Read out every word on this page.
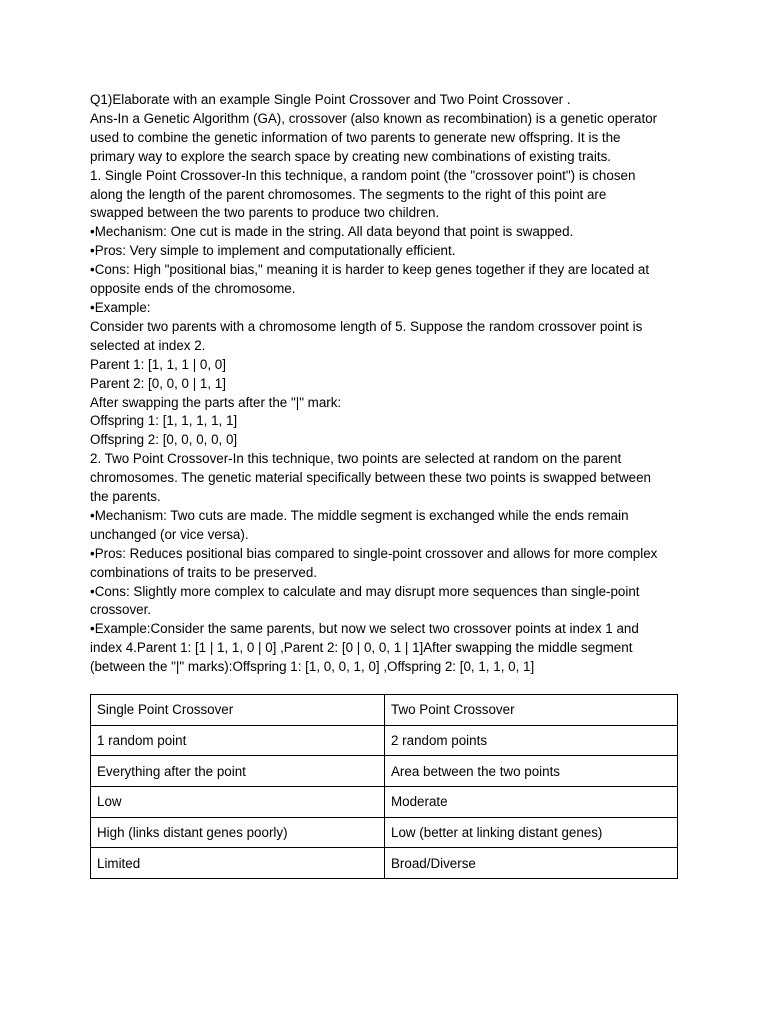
Q1)Elaborate with an example Single Point Crossover and Two Point Crossover .

Ans-In a Genetic Algorithm (GA), crossover (also known as recombination) is a genetic operator

used to combine the genetic information of two parents to generate new offspring. It is the

primary way to explore the search space by creating new combinations of existing traits.

1. Single Point Crossover-In this technique, a random point (the "crossover point") is chosen

along the length of the parent chromosomes. The segments to the right of this point are

swapped between the two parents to produce two children.

•Mechanism: One cut is made in the string. All data beyond that point is swapped.

•Pros: Very simple to implement and computationally efficient.

•Cons: High "positional bias," meaning it is harder to keep genes together if they are located at

opposite ends of the chromosome.

•Example:

Consider two parents with a chromosome length of 5. Suppose the random crossover point is

selected at index 2.

Parent 1: [1, 1, 1 | 0, 0]

Parent 2: [0, 0, 0 | 1, 1]

After swapping the parts after the "|" mark:

Offspring 1: [1, 1, 1, 1, 1]

Offspring 2: [0, 0, 0, 0, 0]

2. Two Point Crossover-In this technique, two points are selected at random on the parent

chromosomes. The genetic material specifically between these two points is swapped between

the parents.

•Mechanism: Two cuts are made. The middle segment is exchanged while the ends remain

unchanged (or vice versa).

•Pros: Reduces positional bias compared to single-point crossover and allows for more complex

combinations of traits to be preserved.

•Cons: Slightly more complex to calculate and may disrupt more sequences than single-point

crossover.

•Example:Consider the same parents, but now we select two crossover points at index 1 and

index 4.Parent 1: [1 | 1, 1, 0 | 0] ,Parent 2: [0 | 0, 0, 1 | 1]After swapping the middle segment

(between the "|" marks):Offspring 1: [1, 0, 0, 1, 0] ,Offspring 2: [0, 1, 1, 0, 1]

Single Point Crossover	Two Point Crossover
1 random point	2 random points
Everything after the point	Area between the two points
Low	Moderate
High (links distant genes poorly)	Low (better at linking distant genes)
Limited	Broad/Diverse
